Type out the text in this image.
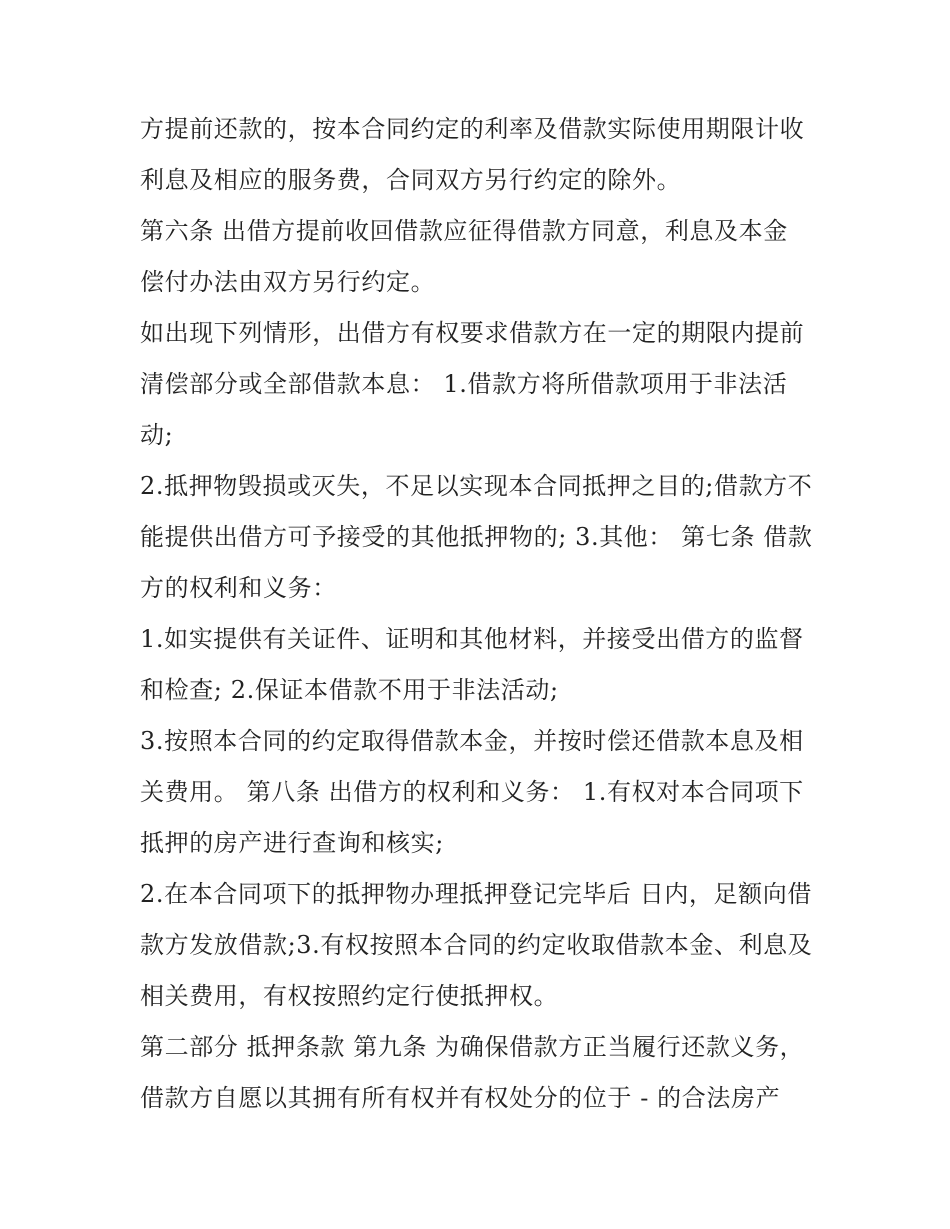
方提前还款的，按本合同约定的利率及借款实际使用期限计收
利息及相应的服务费，合同双方另行约定的除外。
第六条 出借方提前收回借款应征得借款方同意，利息及本金
偿付办法由双方另行约定。
如出现下列情形，出借方有权要求借款方在一定的期限内提前
清偿部分或全部借款本息： 1.借款方将所借款项用于非法活
动;
2.抵押物毁损或灭失，不足以实现本合同抵押之目的;借款方不
能提供出借方可予接受的其他抵押物的; 3.其他： 第七条 借款
方的权利和义务：
1.如实提供有关证件、证明和其他材料，并接受出借方的监督
和检查; 2.保证本借款不用于非法活动;
3.按照本合同的约定取得借款本金，并按时偿还借款本息及相
关费用。 第八条 出借方的权利和义务： 1.有权对本合同项下
抵押的房产进行查询和核实;
2.在本合同项下的抵押物办理抵押登记完毕后 日内，足额向借
款方发放借款;3.有权按照本合同的约定收取借款本金、利息及
相关费用，有权按照约定行使抵押权。
第二部分 抵押条款 第九条 为确保借款方正当履行还款义务，
借款方自愿以其拥有所有权并有权处分的位于 - 的合法房产
